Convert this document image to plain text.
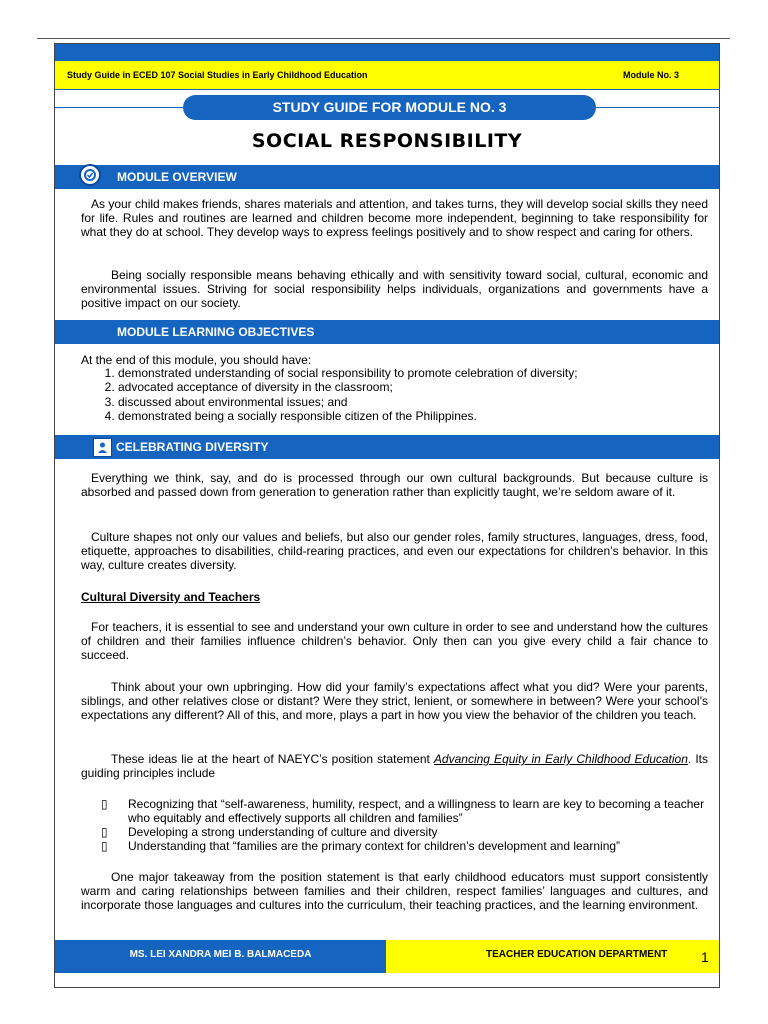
Study Guide in ECED 107 Social Studies in Early Childhood Education	Module No. 3
STUDY GUIDE FOR MODULE NO. 3
SOCIAL RESPONSIBILITY
MODULE OVERVIEW

As your child makes friends, shares materials and attention, and takes turns, they will develop social skills they need for life. Rules and routines are learned and children become more independent, beginning to take responsibility for what they do at school. They develop ways to express feelings positively and to show respect and caring for others.

Being socially responsible means behaving ethically and with sensitivity toward social, cultural, economic and environmental issues. Striving for social responsibility helps individuals, organizations and governments have a positive impact on our society.

MODULE LEARNING OBJECTIVES
At the end of this module, you should have:
1. demonstrated understanding of social responsibility to promote celebration of diversity;
2. advocated acceptance of diversity in the classroom;
3. discussed about environmental issues; and
4. demonstrated being a socially responsible citizen of the Philippines.
CELEBRATING DIVERSITY

Everything we think, say, and do is processed through our own cultural backgrounds. But because culture is absorbed and passed down from generation to generation rather than explicitly taught, we’re seldom aware of it.

Culture shapes not only our values and beliefs, but also our gender roles, family structures, languages, dress, food, etiquette, approaches to disabilities, child-rearing practices, and even our expectations for children’s behavior. In this way, culture creates diversity.

Cultural Diversity and Teachers

For teachers, it is essential to see and understand your own culture in order to see and understand how the cultures of children and their families influence children’s behavior. Only then can you give every child a fair chance to succeed.

Think about your own upbringing. How did your family’s expectations affect what you did? Were your parents, siblings, and other relatives close or distant? Were they strict, lenient, or somewhere in between? Were your school’s expectations any different? All of this, and more, plays a part in how you view the behavior of the children you teach.

These ideas lie at the heart of NAEYC’s position statement Advancing Equity in Early Childhood Education. Its guiding principles include

▯ Recognizing that “self-awareness, humility, respect, and a willingness to learn are key to becoming a teacher who equitably and effectively supports all children and families”
▯ Developing a strong understanding of culture and diversity
▯ Understanding that “families are the primary context for children’s development and learning”

One major takeaway from the position statement is that early childhood educators must support consistently warm and caring relationships between families and their children, respect families’ languages and cultures, and incorporate those languages and cultures into the curriculum, their teaching practices, and the learning environment.

MS. LEI XANDRA MEI B. BALMACEDA	TEACHER EDUCATION DEPARTMENT 1
